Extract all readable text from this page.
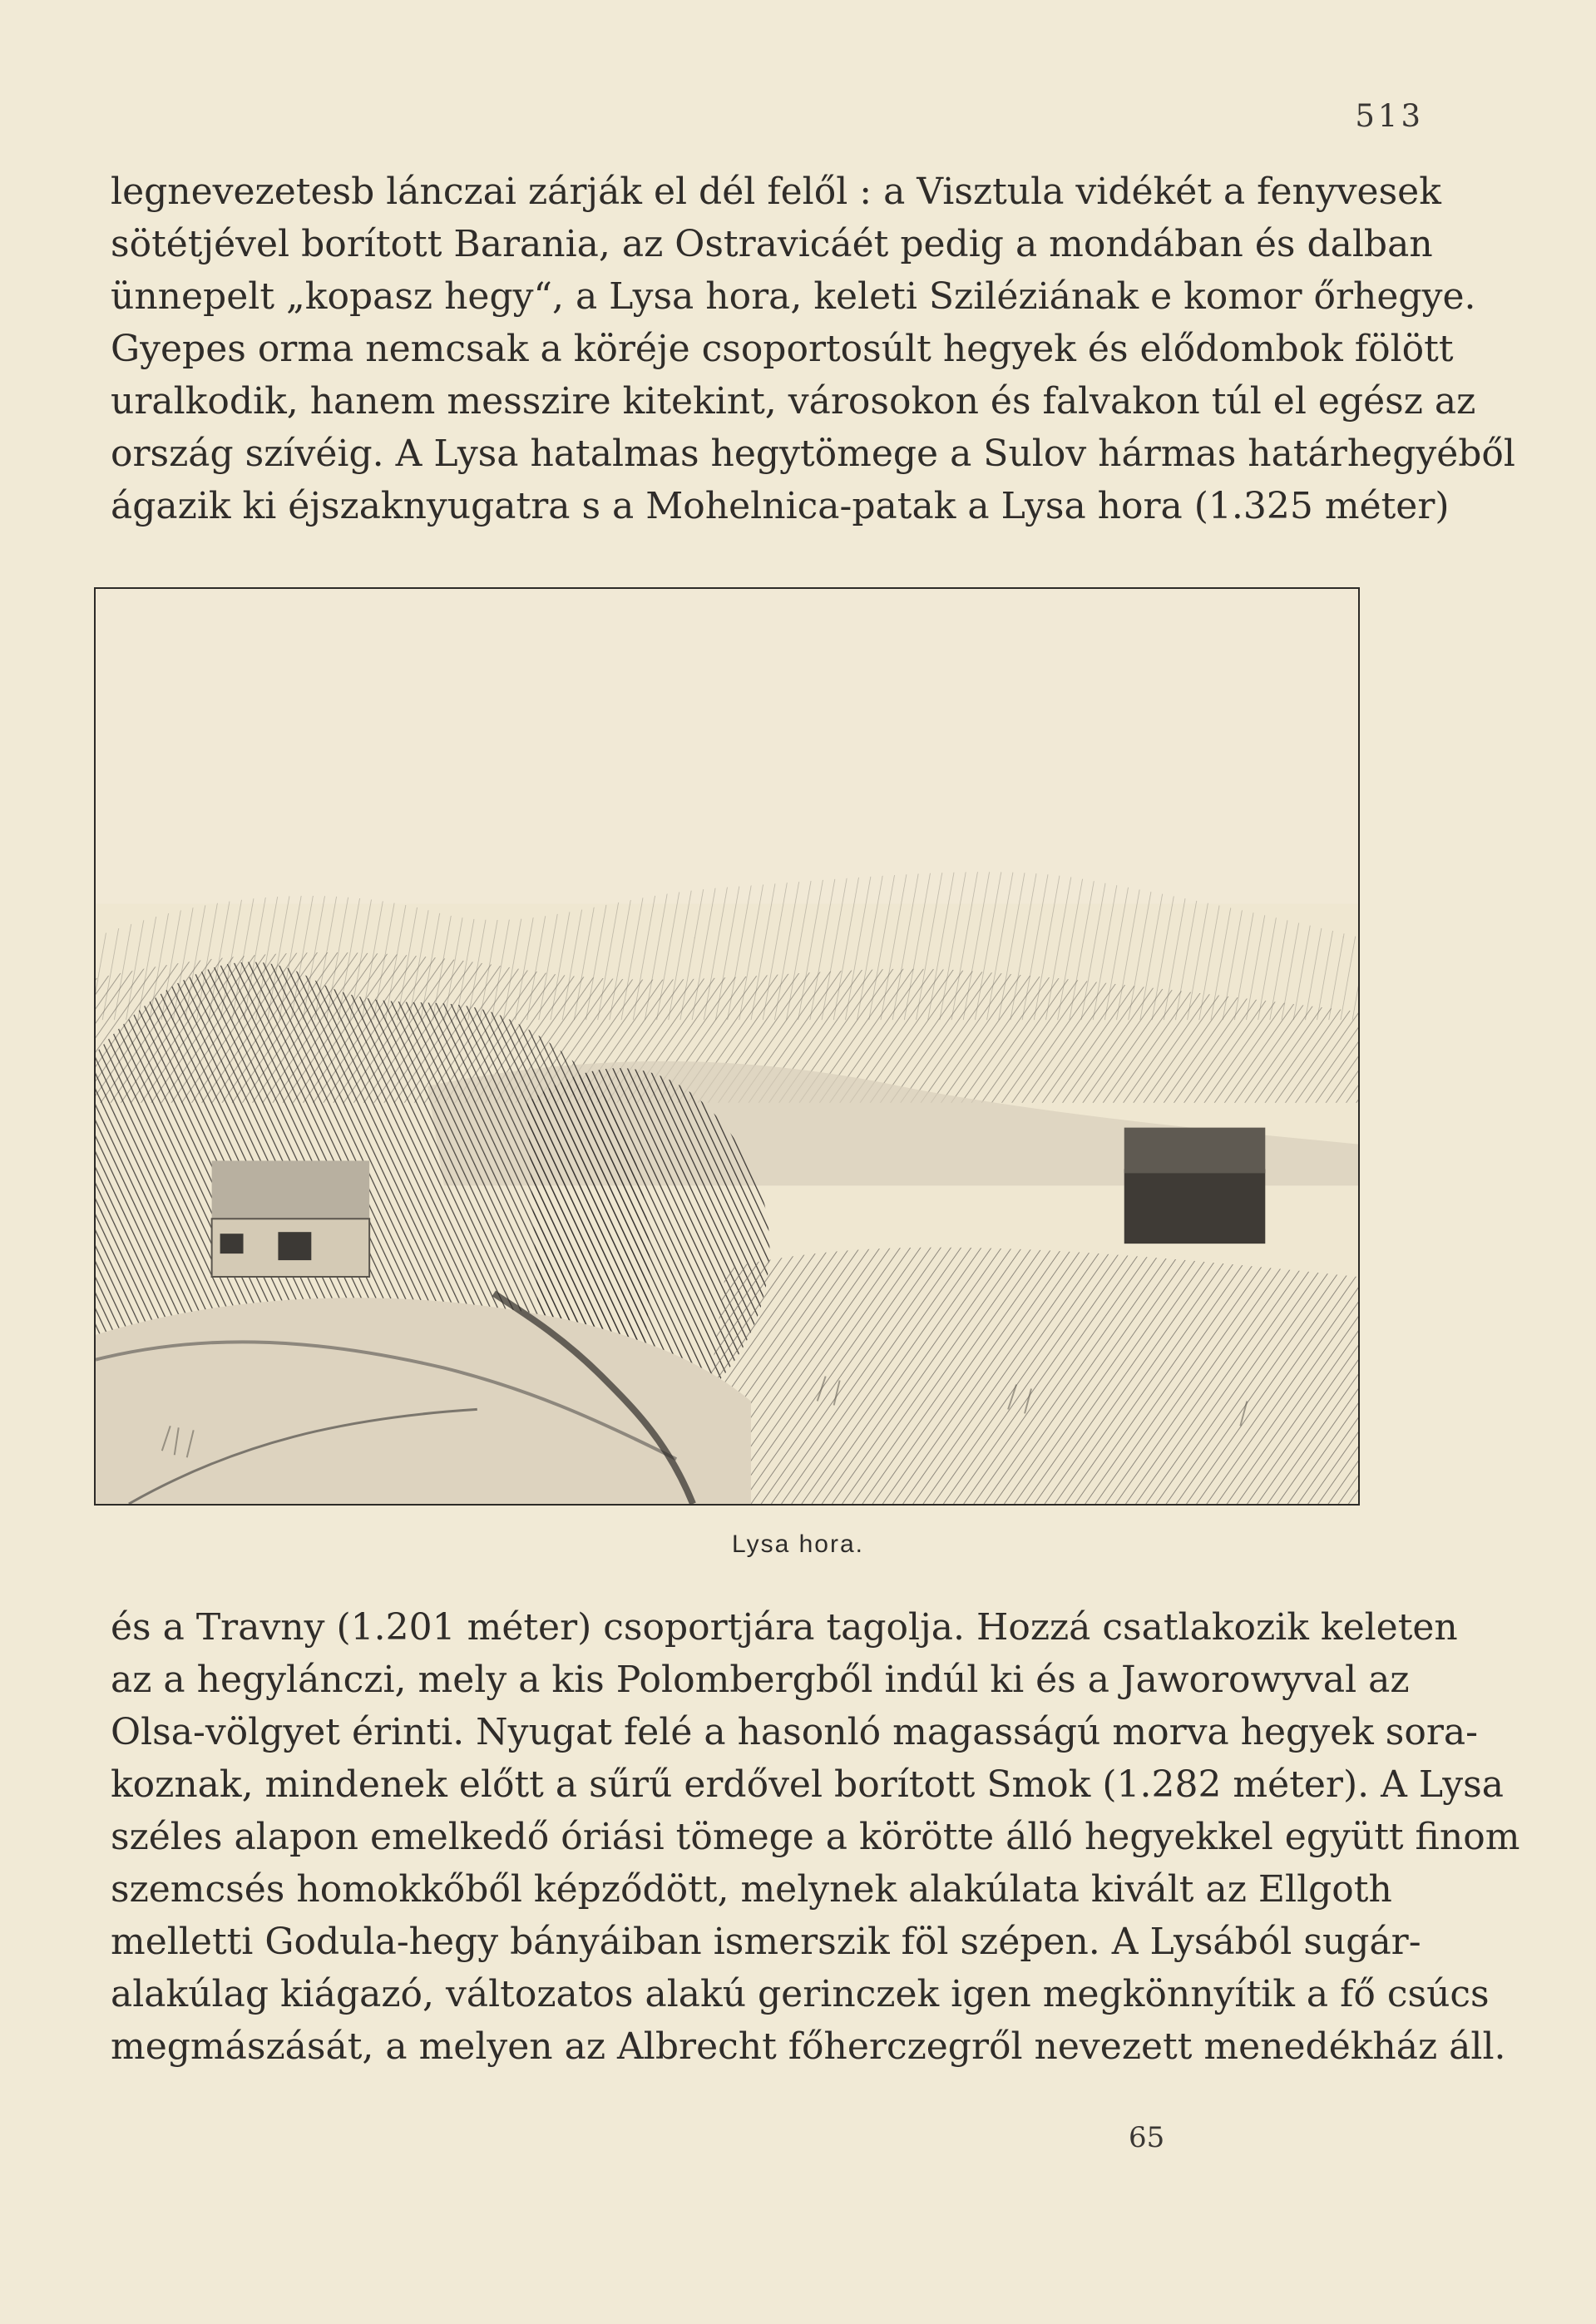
513
legnevezetesb lánczai zárják el dél felől : a Visztula vidékét a fenyvesek
sötétjével borított Barania, az Ostravicáét pedig a mondában és dalban
ünnepelt „kopasz hegy“, a Lysa hora, keleti Sziléziának e komor őrhegye.
Gyepes orma nemcsak a köréje csoportosúlt hegyek és elődombok fölött
uralkodik, hanem messzire kitekint, városokon és falvakon túl el egész az
ország szívéig. A Lysa hatalmas hegytömege a Sulov hármas határhegyéből
ágazik ki éjszaknyugatra s a Mohelnica-patak a Lysa hora (1.325 méter)
Lysa hora.
és a Travny (1.201 méter) csoportjára tagolja. Hozzá csatlakozik keleten
az a hegylánczi, mely a kis Polombergből indúl ki és a Jaworowyval az
Olsa-völgyet érinti. Nyugat felé a hasonló magasságú morva hegyek sora-
koznak, mindenek előtt a sűrű erdővel borított Smok (1.282 méter). A Lysa
széles alapon emelkedő óriási tömege a körötte álló hegyekkel együtt finom
szemcsés homokkőből képződött, melynek alakúlata kivált az Ellgoth
melletti Godula-hegy bányáiban ismerszik föl szépen. A Lysából sugár-
alakúlag kiágazó, változatos alakú gerinczek igen megkönnyítik a fő csúcs
megmászását, a melyen az Albrecht főherczegről nevezett menedékház áll.
65
